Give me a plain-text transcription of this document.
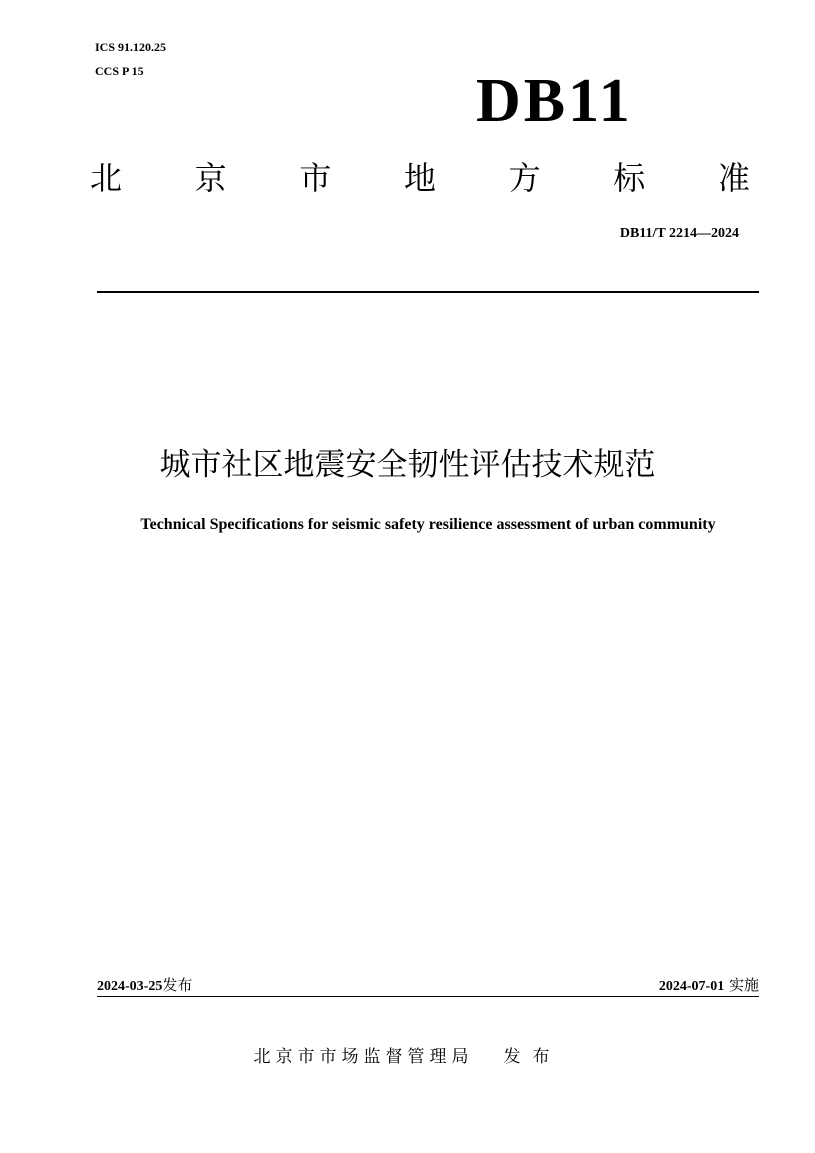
ICS 91.120.25
CCS P 15	DB11
北 京 市 地 方 标 准
DB11/T 2214—2024
城市社区地震安全韧性评估技术规范
Technical Specifications for seismic safety resilience assessment of urban community
2024-03-25发布	2024-07-01 实施
北京市市场监督管理局 发布
